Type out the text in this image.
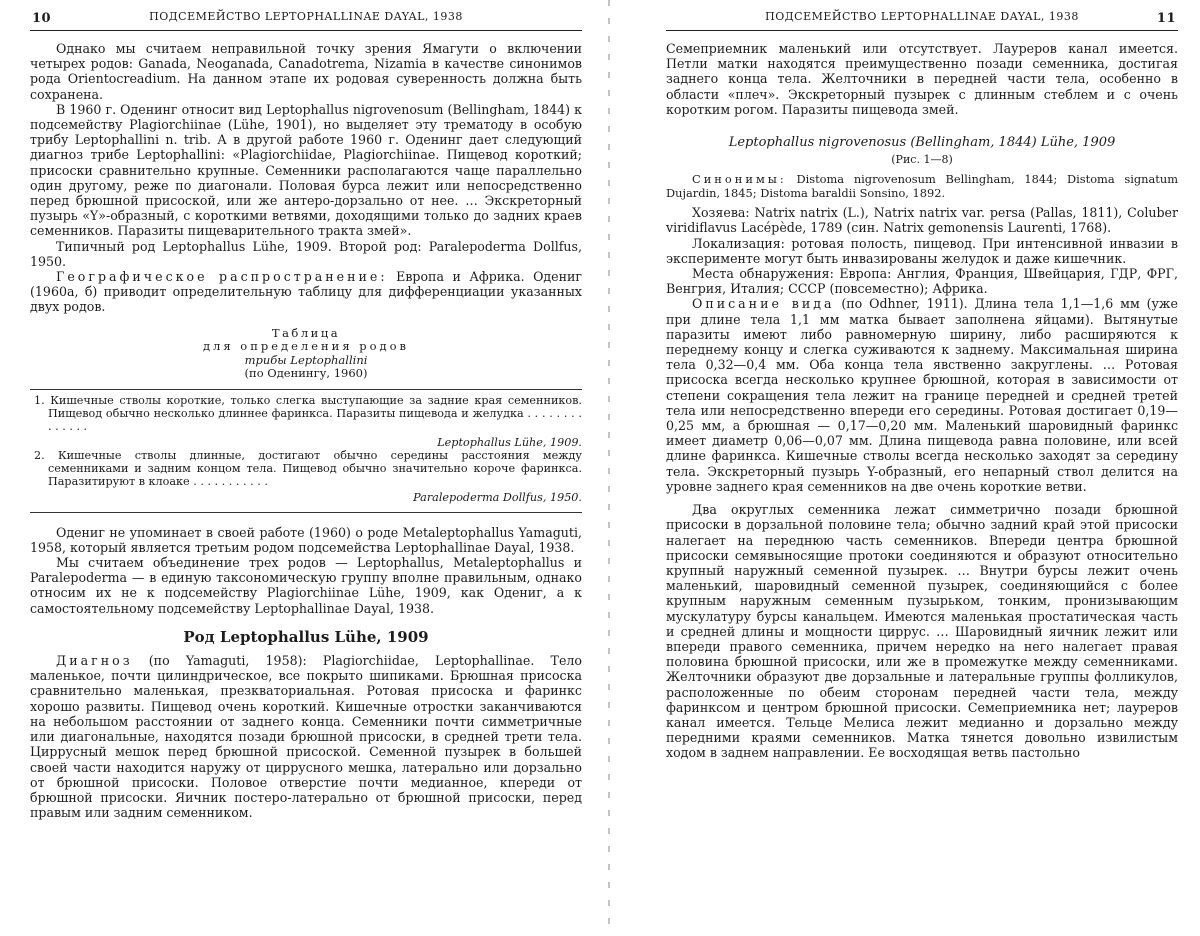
10	ПОДСЕМЕЙСТВО LEPTOPHALLINAE DAYAL, 1938

Однако мы считаем неправильной точку зрения Ямагути о включении четырех родов: Ganada, Neoganada, Canadotrema, Nizamia в качестве синонимов рода Orientocreadium. На данном этапе их родовая суверенность должна быть сохранена.

В 1960 г. Оденинг относит вид Leptophallus nigrovenosum (Bellingham, 1844) к подсемейству Plagiorchiinae (Lühe, 1901), но выделяет эту трематоду в особую трибу Leptophallini n. trib. А в другой работе 1960 г. Оденинг дает следующий диагноз трибе Leptophallini: «Plagiorchiidae, Plagiorchiinae. Пищевод короткий; присоски сравнительно крупные. Семенники располагаются чаще параллельно один другому, реже по диагонали. Половая бурса лежит или непосредственно перед брюшной присоской, или же антеро-дорзально от нее. … Экскреторный пузырь «Y»-образный, с короткими ветвями, доходящими только до задних краев семенников. Паразиты пищеварительного тракта змей».

Типичный род Leptophallus Lühe, 1909. Второй род: Paralepoderma Dollfus, 1950.

Географическое распространение: Европа и Африка. Одениг (1960а, б) приводит определительную таблицу для дифференциации указанных двух родов.

Таблица
для определения родов
трибы Leptophallini
(по Оденингу, 1960)
1. Кишечные стволы короткие, только слегка выступающие за задние края семенников. Пищевод обычно несколько длиннее фаринкса. Паразиты пищевода и желудка . . . . . . . . . . . . . .
Leptophallus Lühe, 1909.
2. Кишечные стволы длинные, достигают обычно середины расстояния между семенниками и задним концом тела. Пищевод обычно значительно короче фаринкса. Паразитируют в клоаке . . . . . . . . . . .
Paralepoderma Dollfus, 1950.

Одениг не упоминает в своей работе (1960) о роде Metaleptophallus Yamaguti, 1958, который является третьим родом подсемейства Leptophallinae Dayal, 1938.

Мы считаем объединение трех родов — Leptophallus, Metaleptophallus и Paralepoderma — в единую таксономическую группу вполне правильным, однако относим их не к подсемейству Plagiorchiinae Lühe, 1909, как Одениг, а к самостоятельному подсемейству Leptophallinae Dayal, 1938.

Род Leptophallus Lühe, 1909

Диагноз (по Yamaguti, 1958): Plagiorchiidae, Leptophallinae. Тело маленькое, почти цилиндрическое, все покрыто шипиками. Брюшная присоска сравнительно маленькая, презкваториальная. Ротовая присоска и фаринкс хорошо развиты. Пищевод очень короткий. Кишечные отростки заканчиваются на небольшом расстоянии от заднего конца. Семенники почти симметричные или диагональные, находятся позади брюшной присоски, в средней трети тела. Циррусный мешок перед брюшной присоской. Семенной пузырек в большей своей части находится наружу от циррусного мешка, латерально или дорзально от брюшной присоски. Половое отверстие почти медианное, кпереди от брюшной присоски. Яичник постеро-латерально от брюшной присоски, перед правым или задним семенником.

ПОДСЕМЕЙСТВО LEPTOPHALLINAE DAYAL, 1938	11

Семеприемник маленький или отсутствует. Лауреров канал имеется. Петли матки находятся преимущественно позади семенника, достигая заднего конца тела. Желточники в передней части тела, особенно в области «плеч». Экскреторный пузырек с длинным стеблем и с очень коротким рогом. Паразиты пищевода змей.

Leptophallus nigrovenosus (Bellingham, 1844) Lühe, 1909
(Рис. 1—8)

Синонимы: Distoma nigrovenosum Bellingham, 1844; Distoma signatum Dujardin, 1845; Distoma baraldii Sonsino, 1892.

Хозяева: Natrix natrix (L.), Natrix natrix var. persa (Pallas, 1811), Coluber viridiflavus Lacépède, 1789 (син. Natrix gemonensis Laurenti, 1768).

Локализация: ротовая полость, пищевод. При интенсивной инвазии в эксперименте могут быть инвазированы желудок и даже кишечник.

Места обнаружения: Европа: Англия, Франция, Швейцария, ГДР, ФРГ, Венгрия, Италия; СССР (повсеместно); Африка.

Описание вида (по Odhner, 1911). Длина тела 1,1—1,6 мм (уже при длине тела 1,1 мм матка бывает заполнена яйцами). Вытянутые паразиты имеют либо равномерную ширину, либо расширяются к переднему концу и слегка суживаются к заднему. Максимальная ширина тела 0,32—0,4 мм. Оба конца тела явственно закруглены. … Ротовая присоска всегда несколько крупнее брюшной, которая в зависимости от степени сокращения тела лежит на границе передней и средней третей тела или непосредственно впереди его середины. Ротовая достигает 0,19—0,25 мм, а брюшная — 0,17—0,20 мм. Маленький шаровидный фаринкс имеет диаметр 0,06—0,07 мм. Длина пищевода равна половине, или всей длине фаринкса. Кишечные стволы всегда несколько заходят за середину тела. Экскреторный пузырь Y-образный, его непарный ствол делится на уровне заднего края семенников на две очень короткие ветви.

Два округлых семенника лежат симметрично позади брюшной присоски в дорзальной половине тела; обычно задний край этой присоски налегает на переднюю часть семенников. Впереди центра брюшной присоски семявыносящие протоки соединяются и образуют относительно крупный наружный семенной пузырек. … Внутри бурсы лежит очень маленький, шаровидный семенной пузырек, соединяющийся с более крупным наружным семенным пузырьком, тонким, пронизывающим мускулатуру бурсы канальцем. Имеются маленькая простатическая часть и средней длины и мощности циррус. … Шаровидный яичник лежит или впереди правого семенника, причем нередко на него налегает правая половина брюшной присоски, или же в промежутке между семенниками. Желточники образуют две дорзальные и латеральные группы фолликулов, расположенные по обеим сторонам передней части тела, между фаринксом и центром брюшной присоски. Семеприемника нет; лауреров канал имеется. Тельце Мелиса лежит медианно и дорзально между передними краями семенников. Матка тянется довольно извилистым ходом в заднем направлении. Ее восходящая ветвь пастольно
